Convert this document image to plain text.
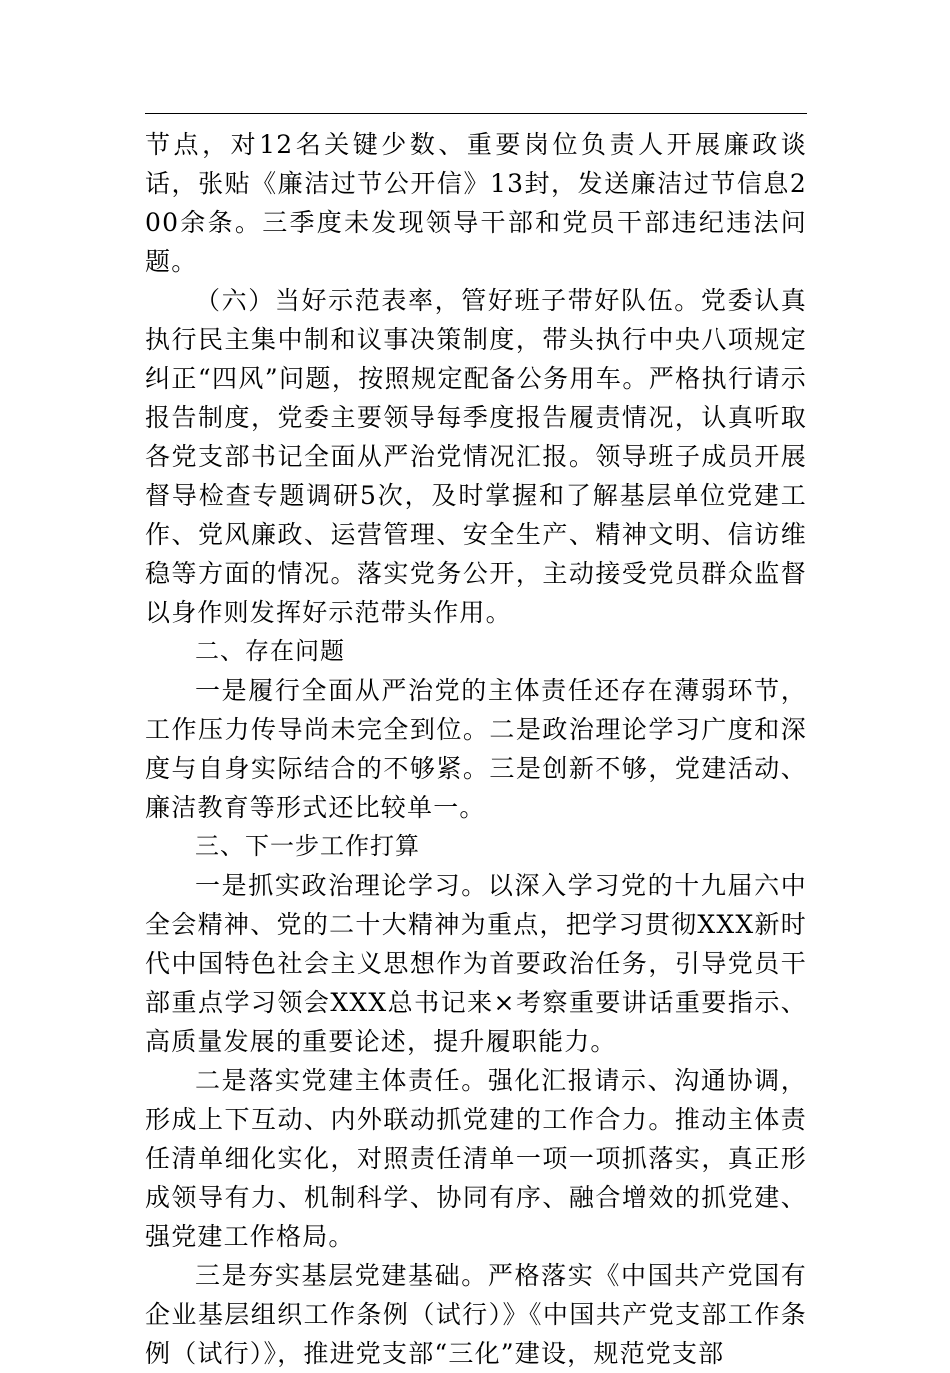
节点，对12名关键少数、重要岗位负责人开展廉政谈话，张贴《廉洁过节公开信》13封，发送廉洁过节信息200余条。三季度未发现领导干部和党员干部违纪违法问题。

（六）当好示范表率，管好班子带好队伍。党委认真执行民主集中制和议事决策制度，带头执行中央八项规定纠正“四风”问题，按照规定配备公务用车。严格执行请示报告制度，党委主要领导每季度报告履责情况，认真听取各党支部书记全面从严治党情况汇报。领导班子成员开展督导检查专题调研5次，及时掌握和了解基层单位党建工作、党风廉政、运营管理、安全生产、精神文明、信访维稳等方面的情况。落实党务公开，主动接受党员群众监督以身作则发挥好示范带头作用。

二、存在问题

一是履行全面从严治党的主体责任还存在薄弱环节，工作压力传导尚未完全到位。二是政治理论学习广度和深度与自身实际结合的不够紧。三是创新不够，党建活动、廉洁教育等形式还比较单一。

三、下一步工作打算

一是抓实政治理论学习。以深入学习党的十九届六中全会精神、党的二十大精神为重点，把学习贯彻XXX新时代中国特色社会主义思想作为首要政治任务，引导党员干部重点学习领会XXX总书记来×考察重要讲话重要指示、高质量发展的重要论述，提升履职能力。

二是落实党建主体责任。强化汇报请示、沟通协调，形成上下互动、内外联动抓党建的工作合力。推动主体责任清单细化实化，对照责任清单一项一项抓落实，真正形成领导有力、机制科学、协同有序、融合增效的抓党建、强党建工作格局。

三是夯实基层党建基础。严格落实《中国共产党国有企业基层组织工作条例（试行）》《中国共产党支部工作条例（试行）》，推进党支部“三化”建设，规范党支部
